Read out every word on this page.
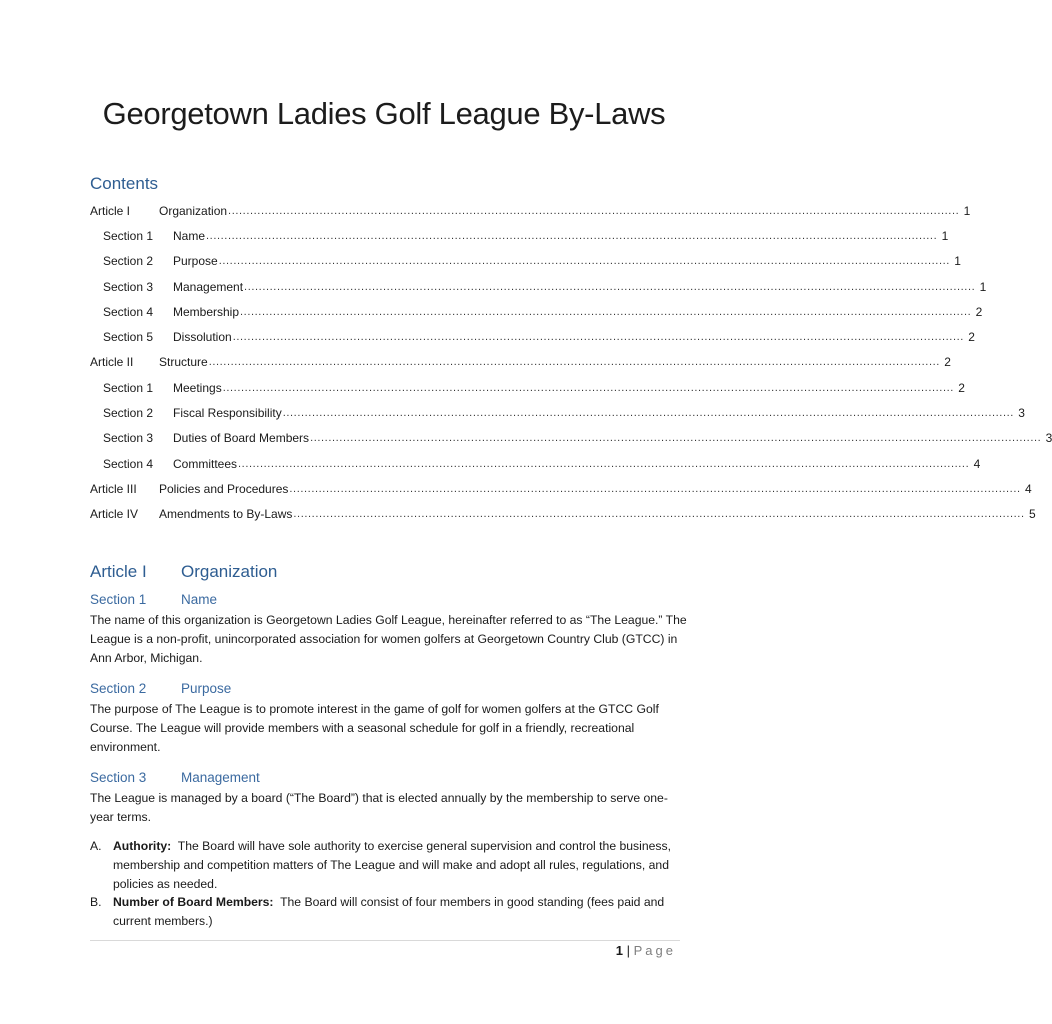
Georgetown Ladies Golf League By-Laws
Contents
Article I	Organization ........................................................................................................................................................................................................ 1
Section 1	Name ........................................................................................................................................................................................................ 1
Section 2	Purpose ........................................................................................................................................................................................................ 1
Section 3	Management ........................................................................................................................................................................................................ 1
Section 4	Membership ........................................................................................................................................................................................................ 2
Section 5	Dissolution ........................................................................................................................................................................................................ 2
Article II	Structure ........................................................................................................................................................................................................ 2
Section 1	Meetings ........................................................................................................................................................................................................ 2
Section 2	Fiscal Responsibility ........................................................................................................................................................................................................ 3
Section 3	Duties of Board Members ........................................................................................................................................................................................................ 3
Section 4	Committees ........................................................................................................................................................................................................ 4
Article III	Policies and Procedures ........................................................................................................................................................................................................ 4
Article IV	Amendments to By-Laws ........................................................................................................................................................................................................ 5
Article I Organization
Section 1	Name
The name of this organization is Georgetown Ladies Golf League, hereinafter referred to as “The League.” The League is a non-profit, unincorporated association for women golfers at Georgetown Country Club (GTCC) in Ann Arbor, Michigan.
Section 2	Purpose
The purpose of The League is to promote interest in the game of golf for women golfers at the GTCC Golf Course. The League will provide members with a seasonal schedule for golf in a friendly, recreational environment.
Section 3	Management
The League is managed by a board (“The Board”) that is elected annually by the membership to serve one-year terms.
A. Authority: The Board will have sole authority to exercise general supervision and control the business, membership and competition matters of The League and will make and adopt all rules, regulations, and policies as needed.
B. Number of Board Members: The Board will consist of four members in good standing (fees paid and current members.)
1 | Page
